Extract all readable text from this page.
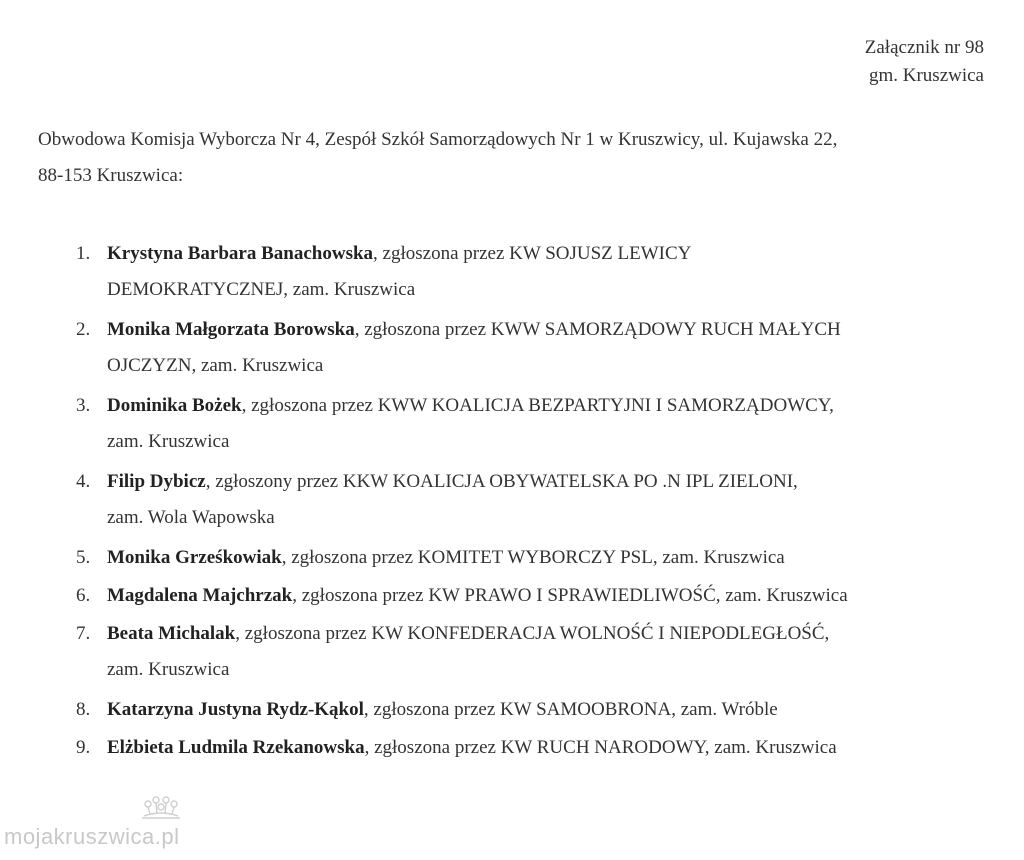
Załącznik nr 98
gm. Kruszwica
Obwodowa Komisja Wyborcza Nr 4, Zespół Szkół Samorządowych Nr 1 w Kruszwicy, ul. Kujawska 22,
88-153 Kruszwica:
1. Krystyna Barbara Banachowska, zgłoszona przez KW SOJUSZ LEWICY
DEMOKRATYCZNEJ, zam. Kruszwica
2. Monika Małgorzata Borowska, zgłoszona przez KWW SAMORZĄDOWY RUCH MAŁYCH
OJCZYZN, zam. Kruszwica
3. Dominika Bożek, zgłoszona przez KWW KOALICJA BEZPARTYJNI I SAMORZĄDOWCY,
zam. Kruszwica
4. Filip Dybicz, zgłoszony przez KKW KOALICJA OBYWATELSKA PO .N IPL ZIELONI,
zam. Wola Wapowska
5. Monika Grześkowiak, zgłoszona przez KOMITET WYBORCZY PSL, zam. Kruszwica
6. Magdalena Majchrzak, zgłoszona przez KW PRAWO I SPRAWIEDLIWOŚĆ, zam. Kruszwica
7. Beata Michalak, zgłoszona przez KW KONFEDERACJA WOLNOŚĆ I NIEPODLEGŁOŚĆ,
zam. Kruszwica
8. Katarzyna Justyna Rydz-Kąkol, zgłoszona przez KW SAMOOBRONA, zam. Wróble
9. Elżbieta Ludmila Rzekanowska, zgłoszona przez KW RUCH NARODOWY, zam. Kruszwica
mojakruszwica.pl
